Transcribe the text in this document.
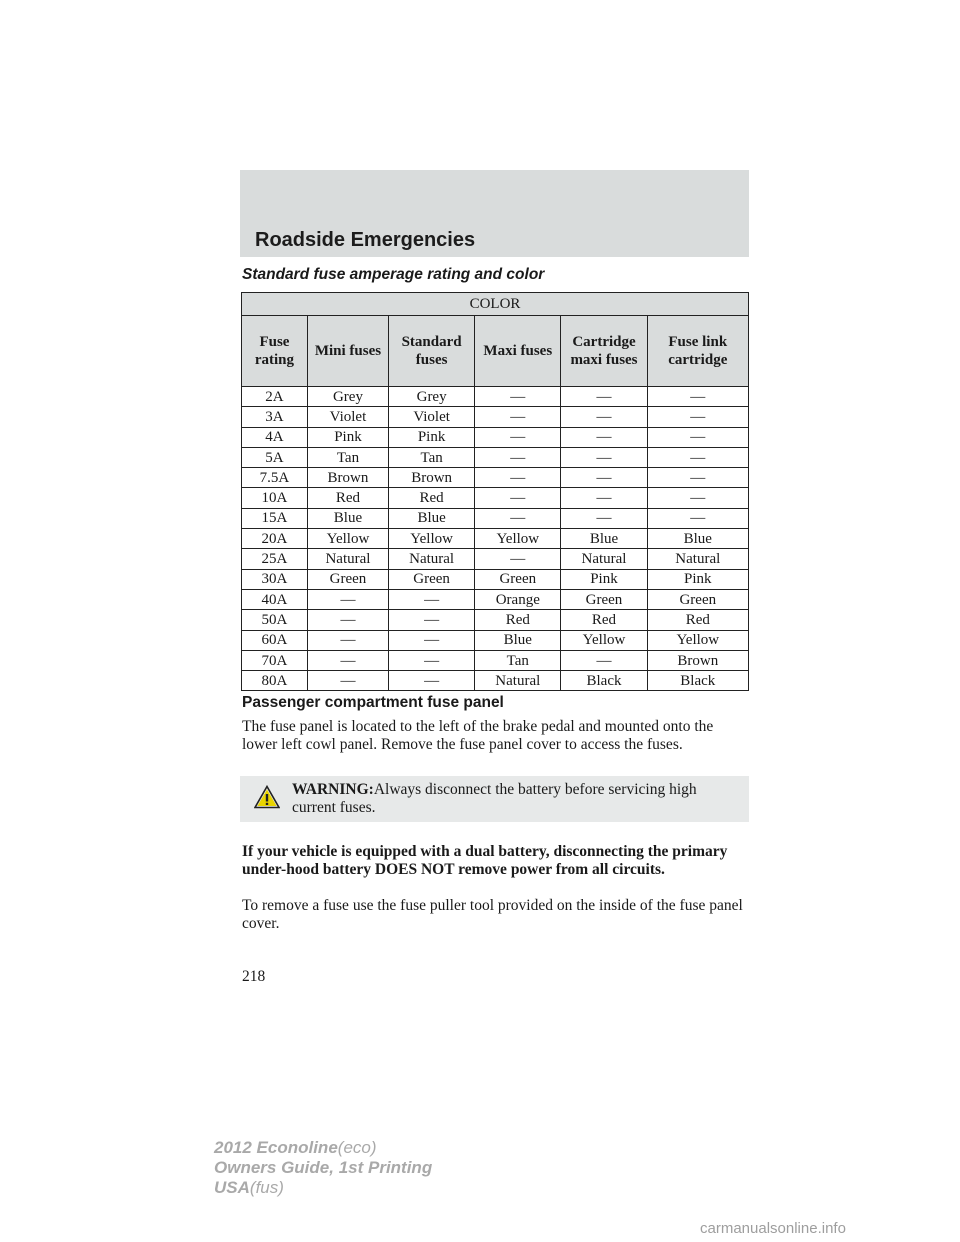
Roadside Emergencies
Standard fuse amperage rating and color
COLOR					
Fuse rating	Mini fuses	Standard fuses	Maxi fuses	Cartridge maxi fuses	Fuse link cartridge
2A	Grey	Grey	—	—	—
3A	Violet	Violet	—	—	—
4A	Pink	Pink	—	—	—
5A	Tan	Tan	—	—	—
7.5A	Brown	Brown	—	—	—
10A	Red	Red	—	—	—
15A	Blue	Blue	—	—	—
20A	Yellow	Yellow	Yellow	Blue	Blue
25A	Natural	Natural	—	Natural	Natural
30A	Green	Green	Green	Pink	Pink
40A	—	—	Orange	Green	Green
50A	—	—	Red	Red	Red
60A	—	—	Blue	Yellow	Yellow
70A	—	—	Tan	—	Brown
80A	—	—	Natural	Black	Black
Passenger compartment fuse panel
The fuse panel is located to the left of the brake pedal and mounted onto the lower left cowl panel. Remove the fuse panel cover to access the fuses.
WARNING:Always disconnect the battery before servicing high current fuses.
If your vehicle is equipped with a dual battery, disconnecting the primary under-hood battery DOES NOT remove power from all circuits.
To remove a fuse use the fuse puller tool provided on the inside of the fuse panel cover.
218
2012 Econoline(eco)
Owners Guide, 1st Printing
USA(fus)
carmanualsonline.info
